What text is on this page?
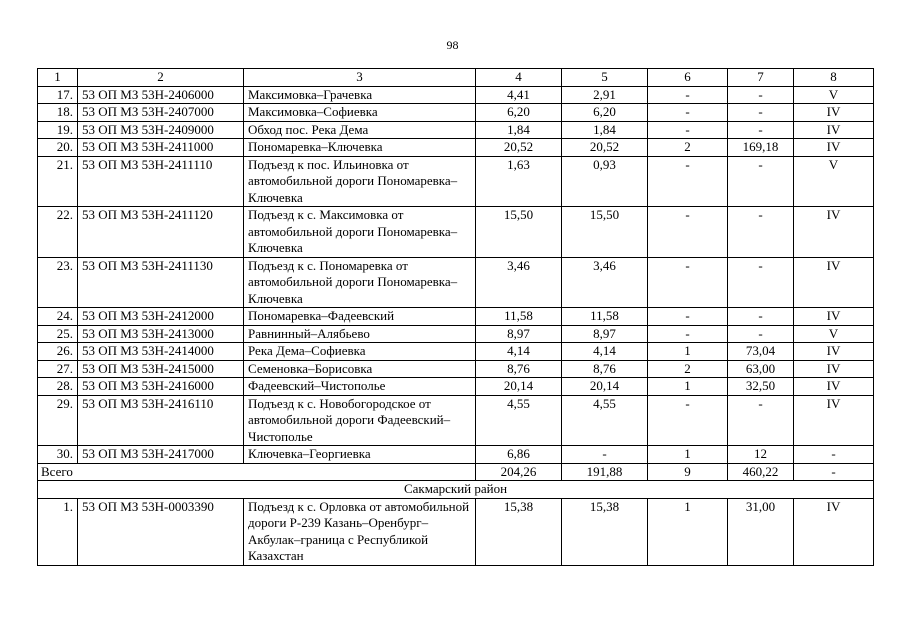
98
1	2	3	4	5	6	7	8
17.	53 ОП МЗ 53Н-2406000	Максимовка–Грачевка	4,41	2,91	-	-	V
18.	53 ОП МЗ 53Н-2407000	Максимовка–Софиевка	6,20	6,20	-	-	IV
19.	53 ОП МЗ 53Н-2409000	Обход пос. Река Дема	1,84	1,84	-	-	IV
20.	53 ОП МЗ 53Н-2411000	Пономаревка–Ключевка	20,52	20,52	2	169,18	IV
21.	53 ОП МЗ 53Н-2411110	Подъезд к пос. Ильиновка от автомобильной дороги Пономаревка–Ключевка	1,63	0,93	-	-	V
22.	53 ОП МЗ 53Н-2411120	Подъезд к с. Максимовка от автомобильной дороги Пономаревка–Ключевка	15,50	15,50	-	-	IV
23.	53 ОП МЗ 53Н-2411130	Подъезд к с. Пономаревка от автомобильной дороги Пономаревка–Ключевка	3,46	3,46	-	-	IV
24.	53 ОП МЗ 53Н-2412000	Пономаревка–Фадеевский	11,58	11,58	-	-	IV
25.	53 ОП МЗ 53Н-2413000	Равнинный–Алябьево	8,97	8,97	-	-	V
26.	53 ОП МЗ 53Н-2414000	Река Дема–Софиевка	4,14	4,14	1	73,04	IV
27.	53 ОП МЗ 53Н-2415000	Семеновка–Борисовка	8,76	8,76	2	63,00	IV
28.	53 ОП МЗ 53Н-2416000	Фадеевский–Чистополье	20,14	20,14	1	32,50	IV
29.	53 ОП МЗ 53Н-2416110	Подъезд к с. Новобогородское от автомобильной дороги Фадеевский–Чистополье	4,55	4,55	-	-	IV
30.	53 ОП МЗ 53Н-2417000	Ключевка–Георгиевка	6,86	-	1	12	-
Всего			204,26	191,88	9	460,22	-
Сакмарский район							
1.	53 ОП МЗ 53Н-0003390	Подъезд к с. Орловка от автомобильной дороги Р-239 Казань–Оренбург–Акбулак–граница с Республикой Казахстан	15,38	15,38	1	31,00	IV
